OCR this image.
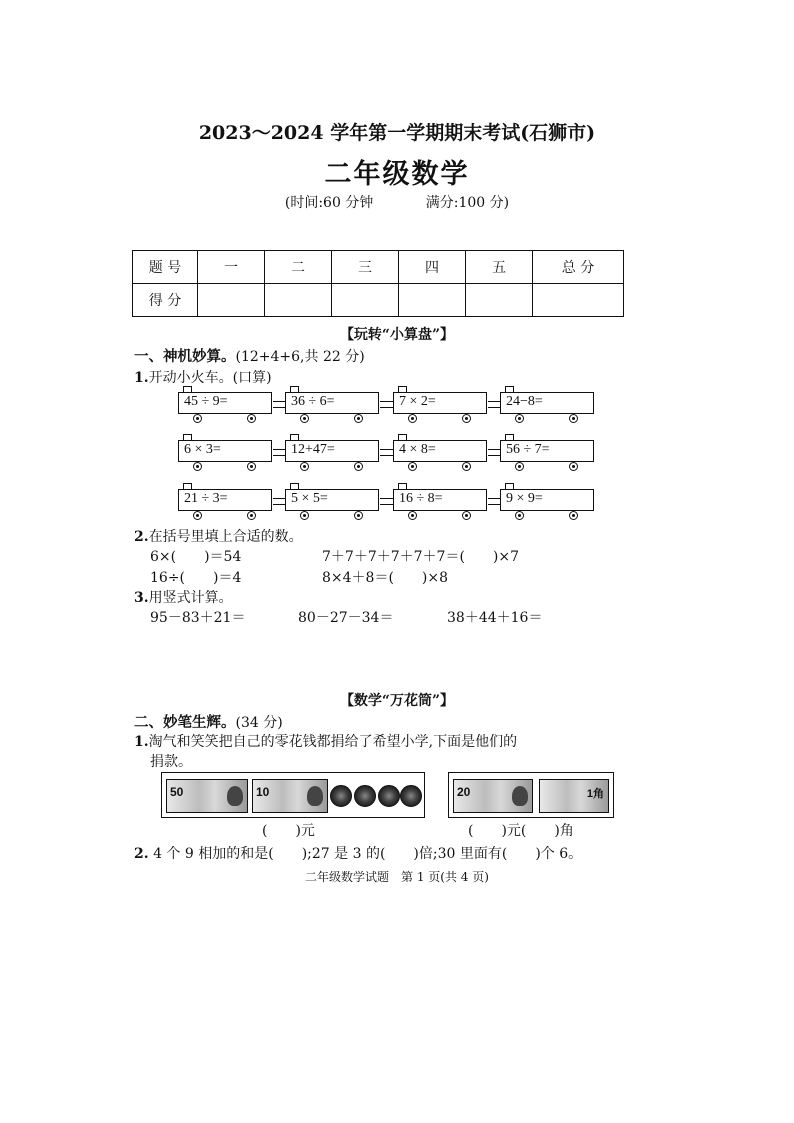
2023～2024 学年第一学期期末考试(石狮市)
二年级数学
(时间:60 分钟	满分:100 分)
题 号	一	二	三	四	五	总 分
得 分						
【玩转“小算盘”】
一、神机妙算。(12+4+6,共 22 分)
1.开动小火车。(口算)
45 ÷ 9=	36 ÷ 6=	7 × 2=	24−8=
6 × 3=	12+47=	4 × 8=	56 ÷ 7=
21 ÷ 3=	5 × 5=	16 ÷ 8=	9 × 9=
2.在括号里填上合适的数。
6×(　　)＝54	7＋7＋7＋7＋7＋7＝(　　)×7
16÷(　　)＝4	8×4＋8＝(　　)×8
3.用竖式计算。
95－83＋21＝	80－27－34＝	38＋44＋16＝
【数学“万花筒”】
二、妙笔生辉。(34 分)
1.淘气和笑笑把自己的零花钱都捐给了希望小学,下面是他们的
捐款。
50	10	20	1角
(　　)元	(　　)元(　　)角
2. 4 个 9 相加的和是(　　);27 是 3 的(　　)倍;30 里面有(　　)个 6。
二年级数学试题　第 1 页(共 4 页)
